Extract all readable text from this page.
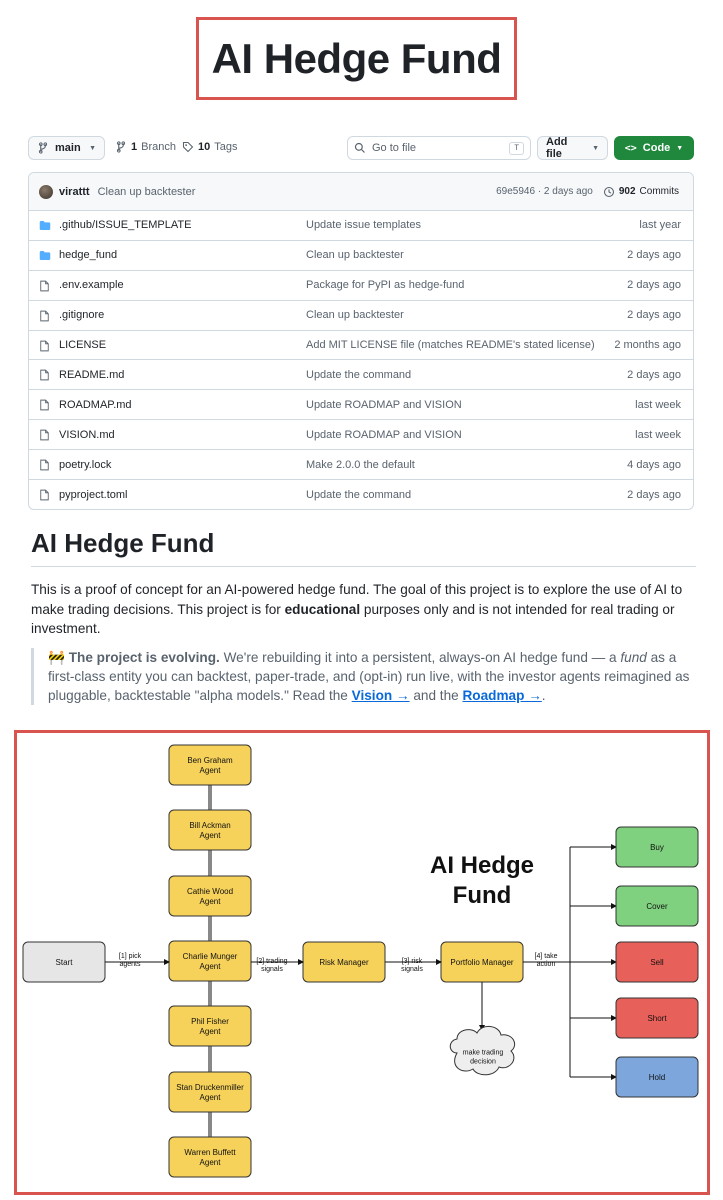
AI Hedge Fund
main ▼	1 Branch 10 Tags
Go to file	T	Add file	▼	<> Code ▼
virattt Clean up backtester	69e5946 · 2 days ago	902 Commits
.github/ISSUE_TEMPLATE	Update issue templates	last year
hedge_fund	Clean up backtester	2 days ago
.env.example	Package for PyPI as hedge-fund	2 days ago
.gitignore	Clean up backtester	2 days ago
LICENSE	Add MIT LICENSE file (matches README's stated license) 2 months ago
README.md	Update the command	2 days ago
ROADMAP.md	Update ROADMAP and VISION	last week
VISION.md	Update ROADMAP and VISION	last week
poetry.lock	Make 2.0.0 the default	4 days ago
pyproject.toml	Update the command	2 days ago
AI Hedge Fund

This is a proof of concept for an AI-powered hedge fund. The goal of this project is to explore the use of AI to make trading decisions. This project is for educational purposes only and is not intended for real trading or investment.

🚧 The project is evolving. We're rebuilding it into a persistent, always-on AI hedge fund — a fund as a first-class entity you can backtest, paper-trade, and (opt-in) run live, with the investor agents reimagined as pluggable, backtestable "alpha models." Read the Vision → and the Roadmap →.
Ben Graham Agent
Bill Ackman Agent
Cathie Wood Agent
Charlie Munger Agent
Phil Fisher Agent
Stan Druckenmiller Agent
Warren Buffett Agent
Start
[1] pick agents	Risk Manager
[2] trading signals
Portfolio Manager
[3] risk signals
AI Hedge Fund
make trading decision
[4] take action
Buy
Cover
Sell
Short
Hold
